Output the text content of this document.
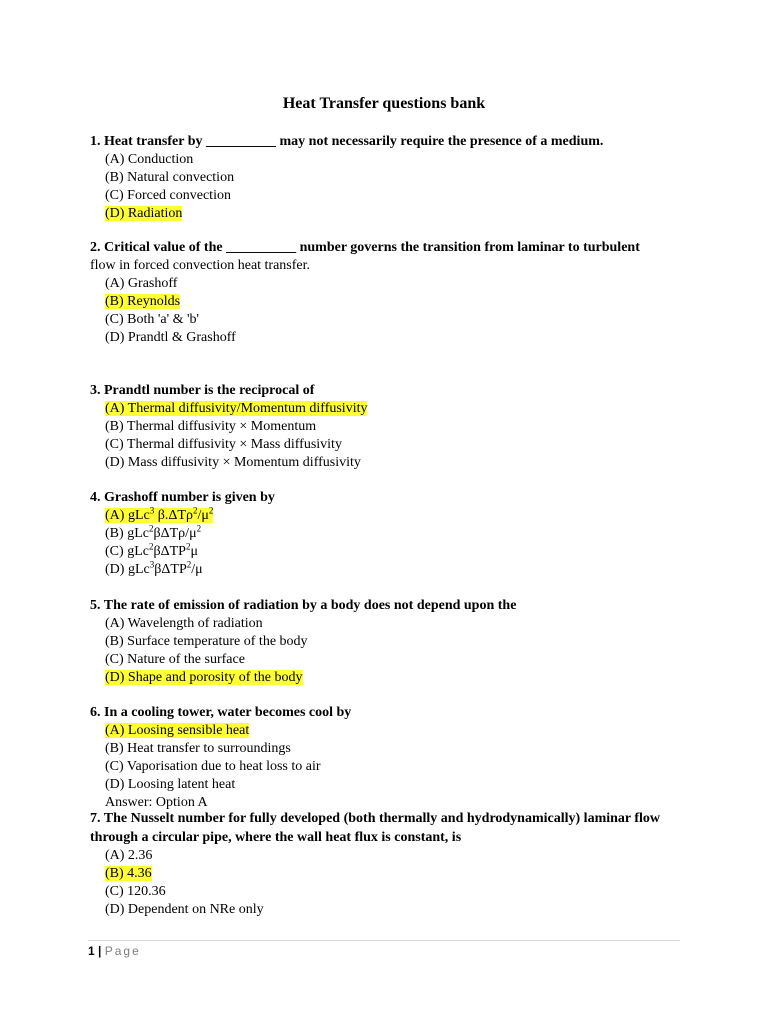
Heat Transfer questions bank
1. Heat transfer by __________ may not necessarily require the presence of a medium.
(A) Conduction
(B) Natural convection
(C) Forced convection
(D) Radiation
2. Critical value of the __________ number governs the transition from laminar to turbulent
flow in forced convection heat transfer.
(A) Grashoff
(B) Reynolds
(C) Both 'a' & 'b'
(D) Prandtl & Grashoff
3. Prandtl number is the reciprocal of
(A) Thermal diffusivity/Momentum diffusivity
(B) Thermal diffusivity × Momentum
(C) Thermal diffusivity × Mass diffusivity
(D) Mass diffusivity × Momentum diffusivity
4. Grashoff number is given by
(A) gLc$^3$ $\beta.\Delta T\rho^2/\mu^2$
(B) $gLc^2\beta\Delta T\rho/\mu^2$
(C) gLc$^2$βΔTP$^2$μ
(D) gLc$^3$βΔTP$^2$/μ
5. The rate of emission of radiation by a body does not depend upon the
(A) Wavelength of radiation
(B) Surface temperature of the body
(C) Nature of the surface
(D) Shape and porosity of the body
6. In a cooling tower, water becomes cool by
(A) Loosing sensible heat
(B) Heat transfer to surroundings
(C) Vaporisation due to heat loss to air
(D) Loosing latent heat
Answer: Option A
7. The Nusselt number for fully developed (both thermally and hydrodynamically) laminar flow through a circular pipe, where the wall heat flux is constant, is
(A) 2.36
(B) 4.36
(C) 120.36
(D) Dependent on NRe only
1 | Page
